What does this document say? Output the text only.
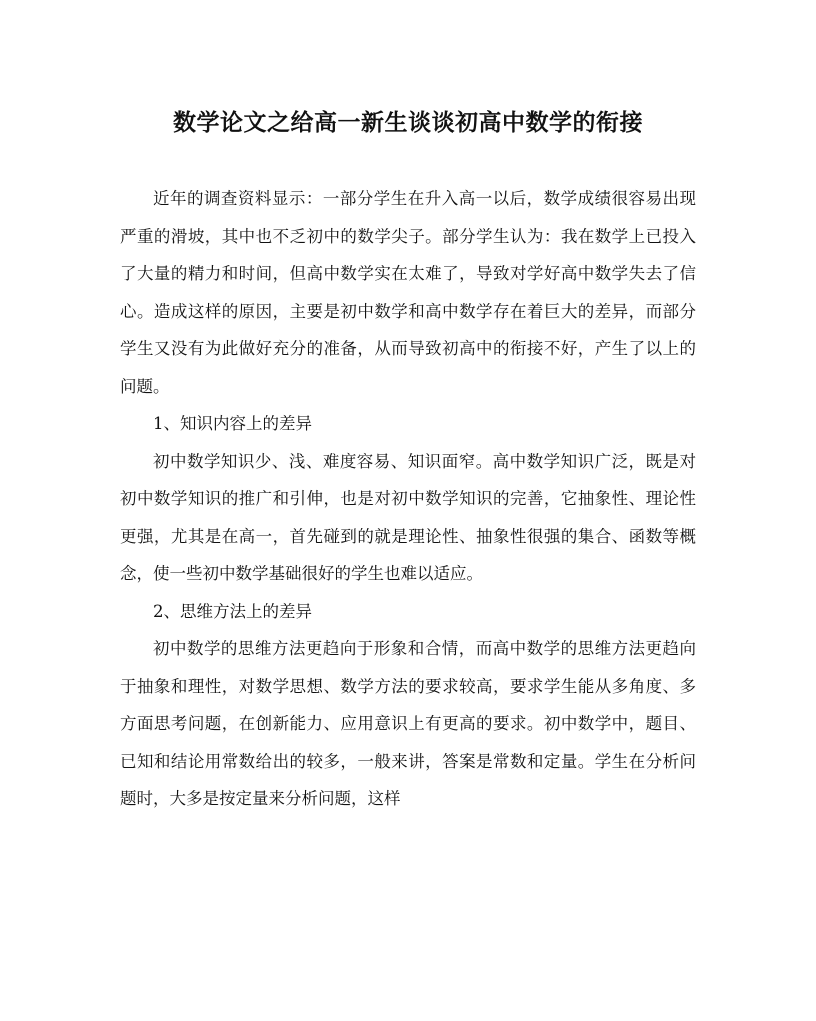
数学论文之给高一新生谈谈初高中数学的衔接

近年的调查资料显示：一部分学生在升入高一以后，数学成绩很容易出现严重的滑坡，其中也不乏初中的数学尖子。部分学生认为：我在数学上已投入了大量的精力和时间，但高中数学实在太难了，导致对学好高中数学失去了信心。造成这样的原因，主要是初中数学和高中数学存在着巨大的差异，而部分学生又没有为此做好充分的准备，从而导致初高中的衔接不好，产生了以上的问题。

1、知识内容上的差异

初中数学知识少、浅、难度容易、知识面窄。高中数学知识广泛，既是对初中数学知识的推广和引伸，也是对初中数学知识的完善，它抽象性、理论性更强，尤其是在高一，首先碰到的就是理论性、抽象性很强的集合、函数等概念，使一些初中数学基础很好的学生也难以适应。

2、思维方法上的差异

初中数学的思维方法更趋向于形象和合情，而高中数学的思维方法更趋向于抽象和理性，对数学思想、数学方法的要求较高，要求学生能从多角度、多方面思考问题，在创新能力、应用意识上有更高的要求。初中数学中，题目、已知和结论用常数给出的较多，一般来讲，答案是常数和定量。学生在分析问题时，大多是按定量来分析问题，这样
